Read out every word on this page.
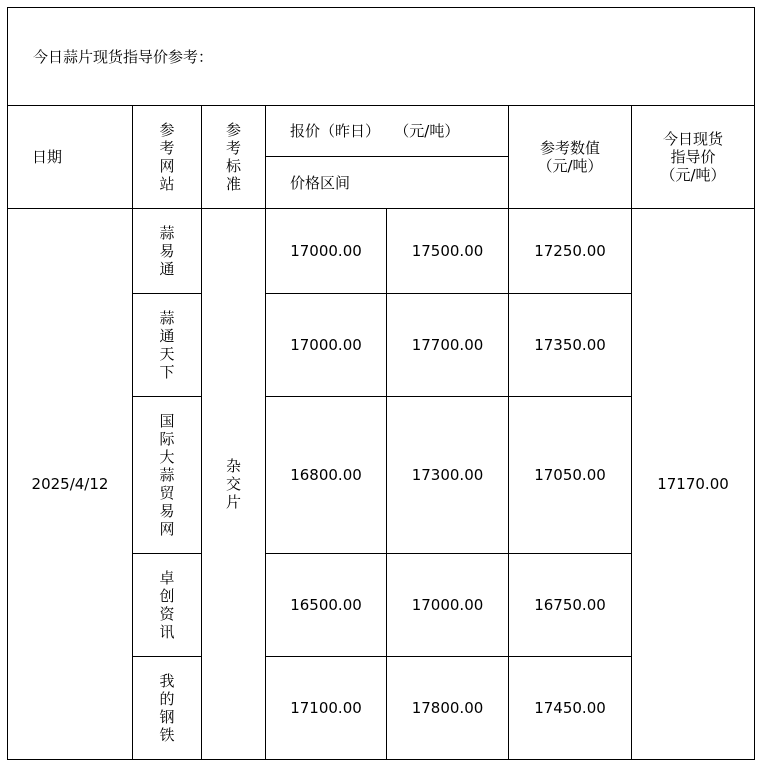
今日蒜片现货指导价参考：						
日期	参考网站	参考标准	报价（昨日）   （元/吨）		参考数值（元/吨）	今日现货指导价（元/吨）
			价格区间			
2025/4/12	蒜易通	杂交片	17000.00	17500.00	17250.00	17170.00
	蒜通天下		17000.00	17700.00	17350.00	
	国际大蒜贸易网		16800.00	17300.00	17050.00	
	卓创资讯		16500.00	17000.00	16750.00	
	我的钢铁		17100.00	17800.00	17450.00	
